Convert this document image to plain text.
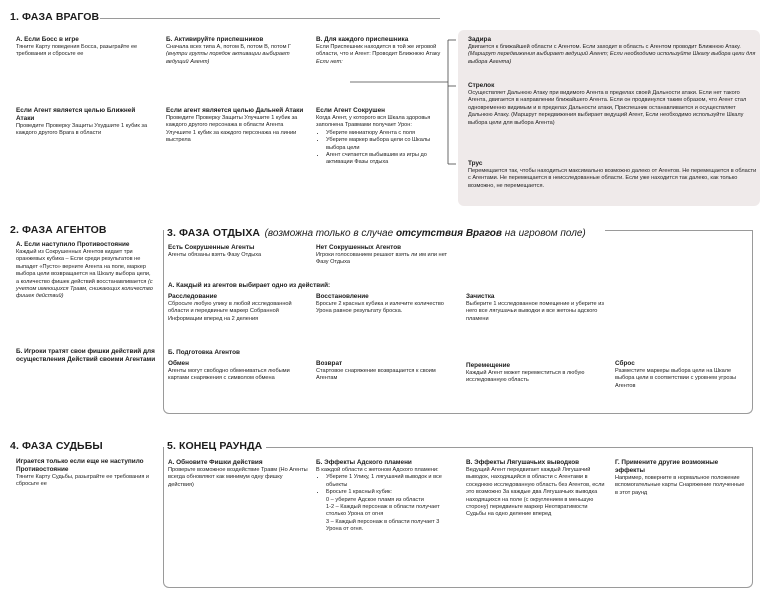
1. ФАЗА ВРАГОВ
А. Если Босс в игре
Тяните Карту поведения Босса, разыграйте ее требования и сбросьте ее
Б. Активируйте приспешников
Сначала всех типа A, потом Б, потом В, потом Г (внутри группы порядок активации выбирает ведущий Агент)
В. Для каждого приспешника
Если Приспешник находится в той же игровой области, что и Агент: Проводит Ближнюю Атаку
Если нет:
Если Агент является целью Ближней Атаки
Проведите Проверку Защиты Ухудшите 1 кубик за каждого другого Врага в области
Если агент является целью Дальней Атаки
Проведите Проверку Защиты Улучшите 1 кубик за каждого другого персонажа в области Агента Улучшите 1 кубик за каждого персонажа на линии выстрела
Если Агент Сокрушен
Когда Агент, у которого вся Шкала здоровья заполнена Травмами получает Урон:
• Уберите миниатюру Агента с поля
• Уберите маркер выбора цели со Шкалы выбора цели
• Агент считается выбывшим из игры до активации Фазы отдыха
Задира
Двигается к ближайшей области с Агентом. Если заходит в область с Агентом проводит Ближнюю Атаку. (Маршрут передвижения выбирает ведущий Агент; Если необходимо используйте Шкалу выбора цели для выбора Агента)
Стрелок
Осуществляет Дальнюю Атаку при видимого Агента в пределах своей Дальности атаки. Если нет такого Агента, двигается в направлении ближайшего Агента. Если он продвинулся таким образом, что Агент стал одновременно видимым и в пределах Дальности атаки, Приспешник останавливается и осуществляет Дальнюю Атаку. (Маршрут передвижения выбирает ведущий Агент, Если необходимо используйте Шкалу выбора цели для выбора Агента)
Трус
Перемещается так, чтобы находиться максимально возможно далеко от Агентов. Не перемещается в области с Агентами. Не перемещается в неисследованные области. Если уже находится так далеко, как только возможно, не перемещается.
2. ФАЗА АГЕНТОВ
А. Если наступило Противостояние
Каждый из Сокрушенных Агентов кидает три оранжевых кубика – Если среди результатов не выпадет «Пусто» верните Агента на поле, маркер выбора цели возвращается на Шкалу выбора цели, а количество фишек действий восстанавливается (с учетом имеющихся Травм, снижающих количество фишек действий)
Б. Игроки тратят свои фишки действий для осуществления Действий своими Агентами
3. ФАЗА ОТДЫХА (возможна только в случае отсутствия Врагов на игровом поле)
Есть Сокрушенные Агенты
Агенты обязаны взять Фазу Отдыха
Нет Сокрушенных Агентов
Игроки голосованием решают взять ли им или нет Фазу Отдыха
А. Каждый из агентов выбирает одно из действий:
Расследование
Сбросьте любую улику в любой исследованной области и передвиньте маркер Собранной Информации вперед на 2 деления
Восстановление
Бросьте 2 красных кубика и излечите количество Урона равное результату броска.
Зачистка
Выберите 1 исследованное помещение и уберите из него все лягушачьи выводки и все жетоны адского пламени
Б. Подготовка Агентов
Обмен
Агенты могут свободно обмениваться любыми картами снаряжения с символом обмена
Возврат
Стартовое снаряжение возвращается к своим Агентам
Перемещение
Каждый Агент может переместиться в любую исследованную область
Сброс
Разместите маркеры выбора цели на Шкале выбора цели в соответствии с уровнем угрозы Агентов
4. ФАЗА СУДЬБЫ
Играется только если еще не наступило Противостояние
Тяните Карту Судьбы, разыграйте ее требования и сбросьте ее
5. КОНЕЦ РАУНДА
А. Обновите Фишки действия
Проверьте возможное воздействие Травм (Но Агенты всегда обновляют как минимум одну фишку действия)
Б. Эффекты Адского пламени
В каждой области с жетоном Адского пламени:
• Уберите 1 Улику, 1 лягушачий выводок и все обьекты
• Бросьте 1 красный кубик:
0 – уберите Адское пламя из области
1-2 – Каждый персонаж в области получает столько Урона от огня
3 – Каждый персонаж в области получает 3 Урона от огня.
В. Эффекты Лягушачьих выводков
Ведущий Агент передвигает каждый Лягушачий выводок, находящийся в области с Агентами в соседнюю исследованную область без Агентов, если это возможно За каждые два Лягушачьих выводка находящихся на поле (с округлением в меньшую сторону) передвиньте маркер Неотвратимости Судьбы на одно деление вперед
Г. Примените другие возможные эффекты
Например, поверните в нормальное положение вспомогательные карты Снаряжение полученные в этот раунд
